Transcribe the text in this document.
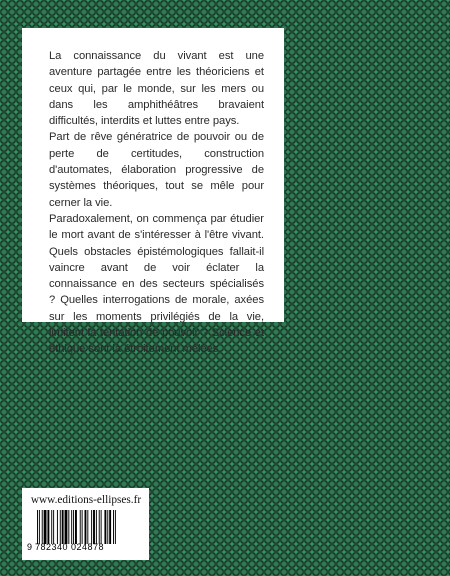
La connaissance du vivant est une aventure partagée entre les théoriciens et ceux qui, par le monde, sur les mers ou dans les amphithéâtres bravaient difficultés, interdits et luttes entre pays.

Part de rêve génératrice de pouvoir ou de perte de certitudes, construction d'automates, élaboration progressive de systèmes théoriques, tout se mêle pour cerner la vie.

Paradoxalement, on commença par étudier le mort avant de s'intéresser à l'être vivant. Quels obstacles épistémologiques fallait-il vaincre avant de voir éclater la connaissance en des secteurs spécialisés ? Quelles interrogations de morale, axées sur les moments privilégiés de la vie, limitent la tentation de pouvoir ? Science et éthique sont là étroitement mêlées.

www.editions-ellipses.fr
9 782340 024878
